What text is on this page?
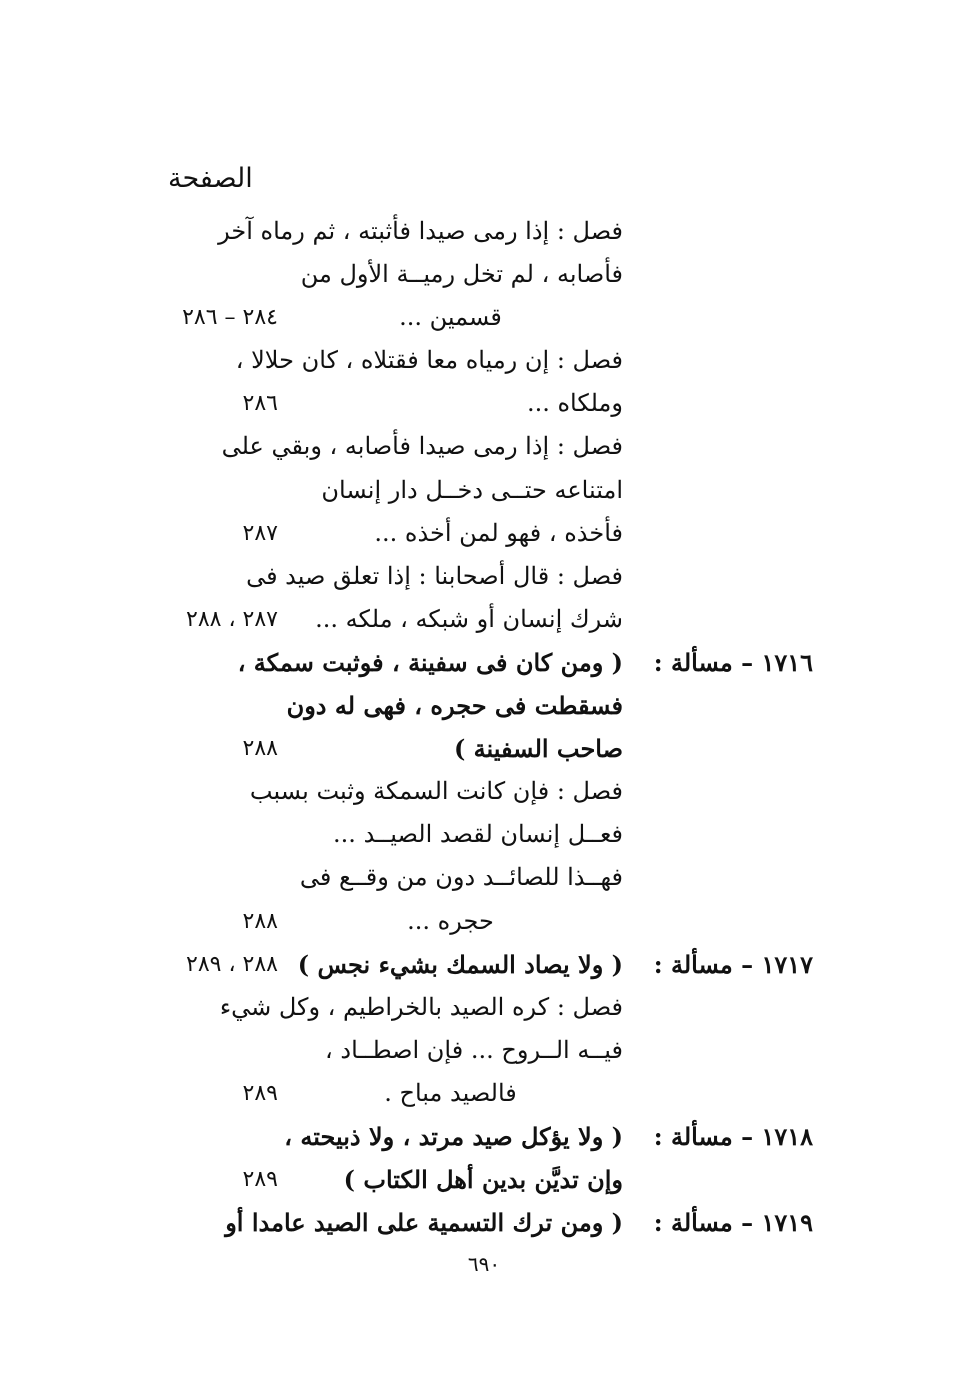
الصفحة
فصل : إذا رمى صيدا فأثبته ، ثم رماه آخر
فأصابه ، لم تخل رميــة الأول من
قسمين ...
٢٨٤ – ٢٨٦
فصل : إن رمياه معا فقتلاه ، كان حلالا ،
وملكاه ...
٢٨٦
فصل : إذا رمى صيدا فأصابه ، وبقي على
امتناعه حتــى دخــل دار إنسان
فأخذه ، فهو لمن أخذه ...
٢٨٧
فصل : قال أصحابنا : إذا تعلق صيد فى
شرك إنسان أو شبكه ، ملكه ...
٢٨٧ ، ٢٨٨
١٧١٦ – مسألة :
( ومن كان فى سفينة ، فوثبت سمكة ،
فسقطت فى حجره ، فهى له دون
صاحب السفينة )
٢٨٨
فصل : فإن كانت السمكة وثبت بسبب
فعــل إنسان لقصد الصيــد ...
فهــذا للصائــد دون من وقــع فى
حجره ...
٢٨٨
١٧١٧ – مسألة :
( ولا يصاد السمك بشيء نجس )
٢٨٨ ، ٢٨٩
فصل : كره الصيد بالخراطيم ، وكل شيء
فيــه الــروح ... فإن اصطــاد ،
فالصيد مباح .
٢٨٩
١٧١٨ – مسألة :
( ولا يؤكل صيد مرتد ، ولا ذبيحته ،
وإن تديَّن بدين أهل الكتاب )
٢٨٩
١٧١٩ – مسألة :
( ومن ترك التسمية على الصيد عامدا أو
٦٩٠
